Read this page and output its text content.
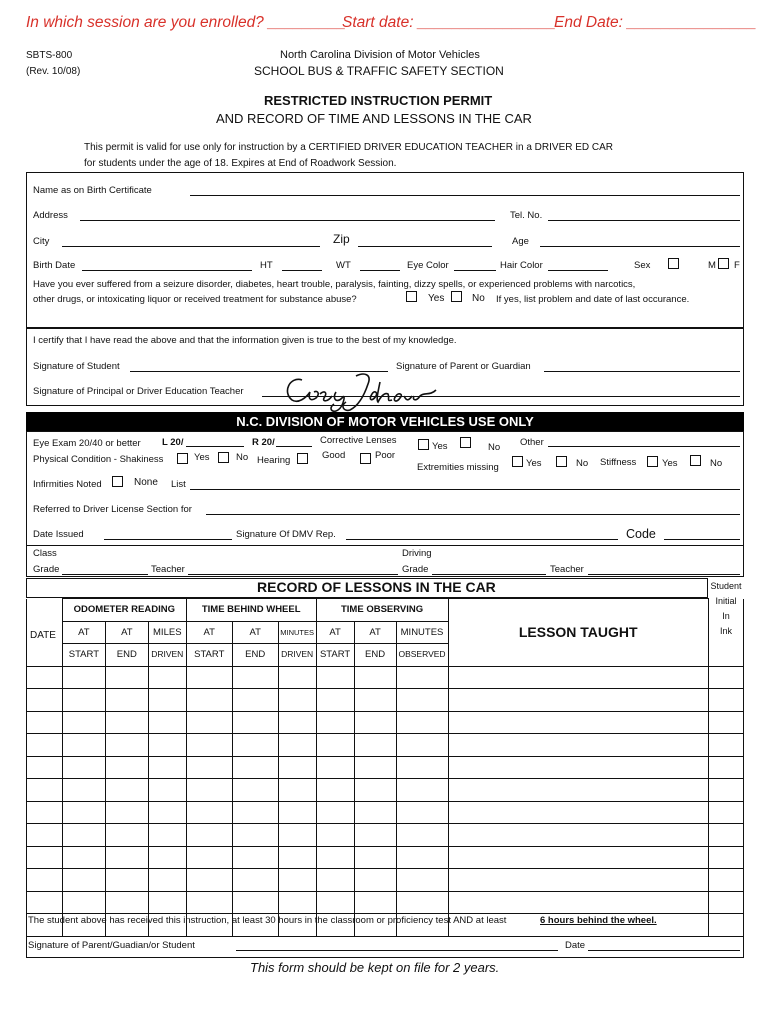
In which session are you enrolled? _________
Start date: ________________
End Date: _______________
SBTS-800
(Rev. 10/08)
North Carolina Division of Motor Vehicles
SCHOOL BUS & TRAFFIC SAFETY SECTION
RESTRICTED INSTRUCTION PERMIT
AND RECORD OF TIME AND LESSONS IN THE CAR
This permit is valid for use only for instruction by a CERTIFIED DRIVER EDUCATION TEACHER in a DRIVER ED CAR
for students under the age of 18. Expires at End of Roadwork Session.
Name as on Birth Certificate
Address	Tel. No.
City	Zip	Age
Birth Date	HT	WT	Eye Color	Hair Color	Sex	M F
Have you ever suffered from a seizure disorder, diabetes, heart trouble, paralysis, fainting, dizzy spells, or experienced problems with narcotics,
other drugs, or intoxicating liquor or received treatment for substance abuse?	Yes	No If yes, list problem and date of last occurance.
I certify that I have read the above and that the information given is true to the best of my knowledge.
Signature of Student	Signature of Parent or Guardian
Signature of Principal or Driver Education Teacher
N.C. DIVISION OF MOTOR VEHICLES USE ONLY
Eye Exam 20/40 or better L 20/	R 20/	Corrective Lenses
Yes	No Other
Physical Condition - Shakiness	Yes	No Hearing	Good	Poor
Extremities missing	Yes	No Stiffness	Yes	No
Infirmities Noted	None List
Referred to Driver License Section for
Date Issued	Signature Of DMV Rep.	Code
Class
Grade	Teacher
Driving
Grade	Teacher
RECORD OF LESSONS IN THE CAR
	ODOMETER READING			TIME BEHIND WHEEL			TIME OBSERVING			LESSON TAUGHT	Student
Initial
In
Ink

	AT	AT	MILES	AT	AT	MINUTES	AT	AT	MINUTES		
	START	END	DRIVEN	START	END	DRIVEN	START	END	OBSERVED		

DATE
The student above has received this instruction, at least 30 hours in the classroom or proficiency test AND at least	6 hours behind the wheel.
Signature of Parent/Guadian/or Student	Date
This form should be kept on file for 2 years.
